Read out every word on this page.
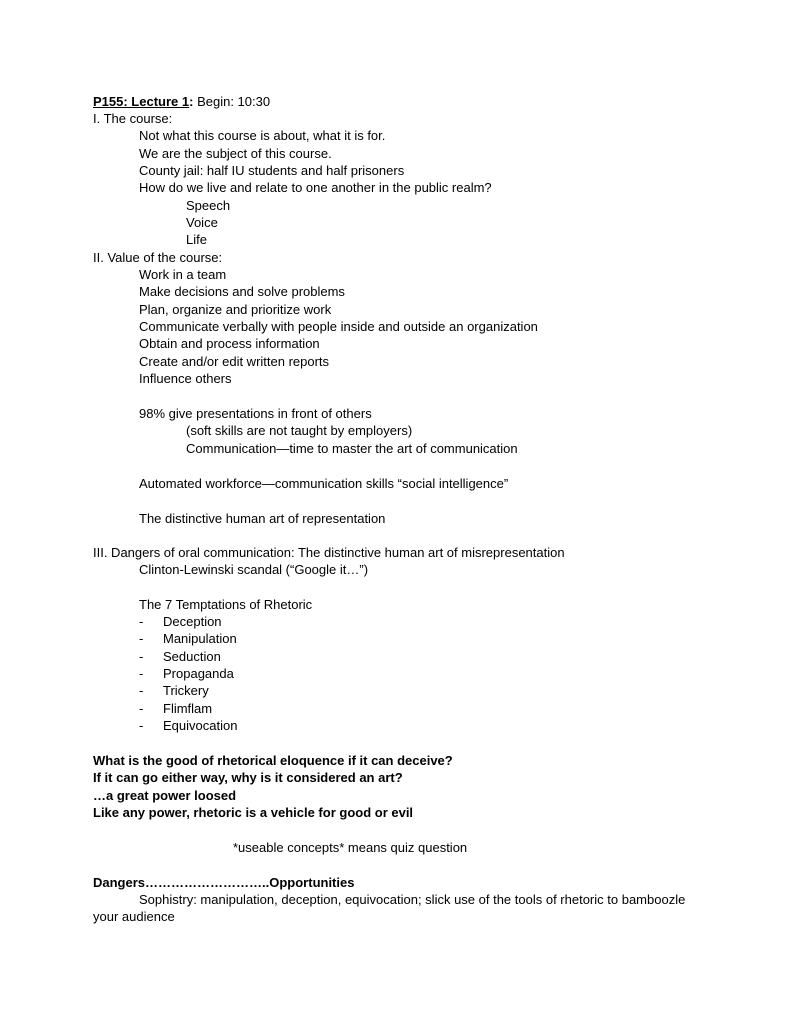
P155: Lecture 1: Begin: 10:30
I. The course:
Not what this course is about, what it is for.
We are the subject of this course.
County jail: half IU students and half prisoners
How do we live and relate to one another in the public realm?
Speech
Voice
Life
II. Value of the course:
Work in a team
Make decisions and solve problems
Plan, organize and prioritize work
Communicate verbally with people inside and outside an organization
Obtain and process information
Create and/or edit written reports
Influence others
98% give presentations in front of others
(soft skills are not taught by employers)
Communication—time to master the art of communication
Automated workforce—communication skills “social intelligence”
The distinctive human art of representation
III. Dangers of oral communication: The distinctive human art of misrepresentation
Clinton-Lewinski scandal (“Google it…”)
The 7 Temptations of Rhetoric
- Deception
- Manipulation
- Seduction
- Propaganda
- Trickery
- Flimflam
- Equivocation
What is the good of rhetorical eloquence if it can deceive?
If it can go either way, why is it considered an art?
…a great power loosed
Like any power, rhetoric is a vehicle for good or evil
*useable concepts* means quiz question
Dangers………………………..Opportunities
Sophistry: manipulation, deception, equivocation; slick use of the tools of rhetoric to bamboozle your audience
